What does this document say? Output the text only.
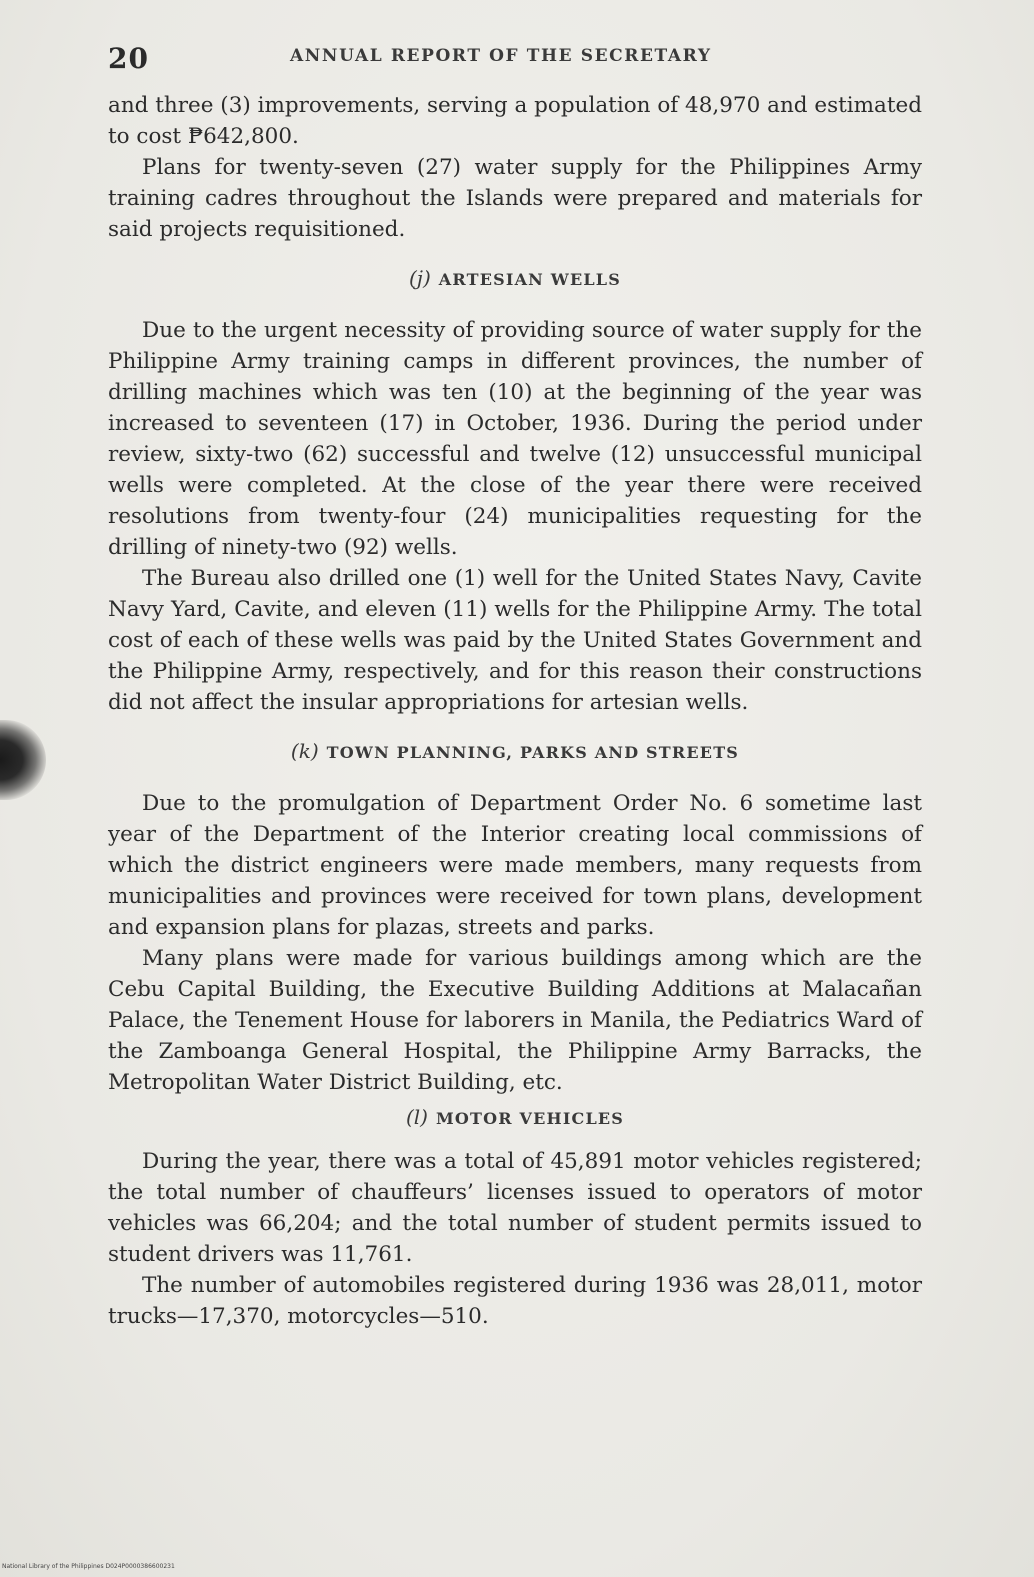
20	ANNUAL REPORT OF THE SECRETARY

and three (3) improvements, serving a population of 48,970 and estimated to cost ₱642,800.

Plans for twenty-seven (27) water supply for the Philippines Army training cadres throughout the Islands were prepared and materials for said projects requisitioned.

(j) ARTESIAN WELLS

Due to the urgent necessity of providing source of water supply for the Philippine Army training camps in different provinces, the number of drilling machines which was ten (10) at the beginning of the year was increased to seventeen (17) in October, 1936. During the period under review, sixty-two (62) successful and twelve (12) unsuccessful municipal wells were completed. At the close of the year there were received resolutions from twenty-four (24) municipalities requesting for the drilling of ninety-two (92) wells.

The Bureau also drilled one (1) well for the United States Navy, Cavite Navy Yard, Cavite, and eleven (11) wells for the Philippine Army. The total cost of each of these wells was paid by the United States Government and the Philippine Army, respectively, and for this reason their constructions did not affect the insular appropriations for artesian wells.

(k) TOWN PLANNING, PARKS AND STREETS

Due to the promulgation of Department Order No. 6 sometime last year of the Department of the Interior creating local commissions of which the district engineers were made members, many requests from municipalities and provinces were received for town plans, development and expansion plans for plazas, streets and parks.

Many plans were made for various buildings among which are the Cebu Capital Building, the Executive Building Additions at Malacañan Palace, the Tenement House for laborers in Manila, the Pediatrics Ward of the Zamboanga General Hospital, the Philippine Army Barracks, the Metropolitan Water District Building, etc.

(l) MOTOR VEHICLES

During the year, there was a total of 45,891 motor vehicles registered; the total number of chauffeurs’ licenses issued to operators of motor vehicles was 66,204; and the total number of student permits issued to student drivers was 11,761.

The number of automobiles registered during 1936 was 28,011, motor trucks—17,370, motorcycles—510.

National Library of the Philippines D024P0000386600231
